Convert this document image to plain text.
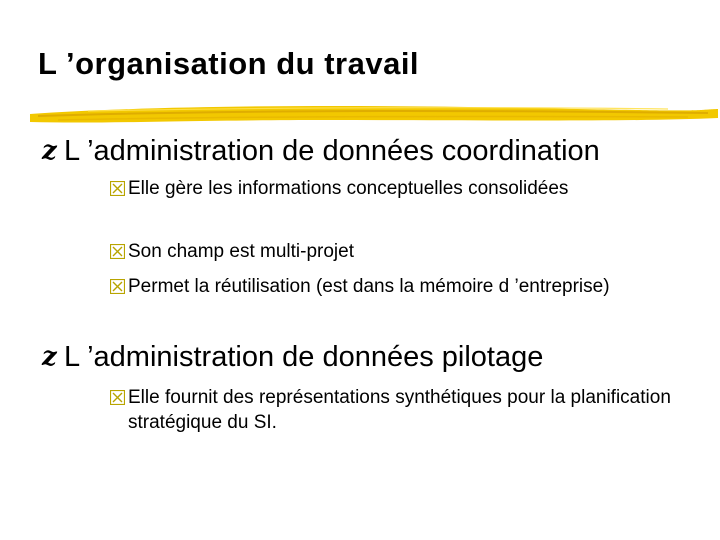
L ’organisation du travail
z L ’administration de données coordination
Elle gère les informations conceptuelles consolidées
Son champ est multi-projet
Permet la réutilisation (est dans la mémoire d ’entreprise)
z L ’administration de données pilotage
Elle fournit des représentations synthétiques pour la planification stratégique du SI.
